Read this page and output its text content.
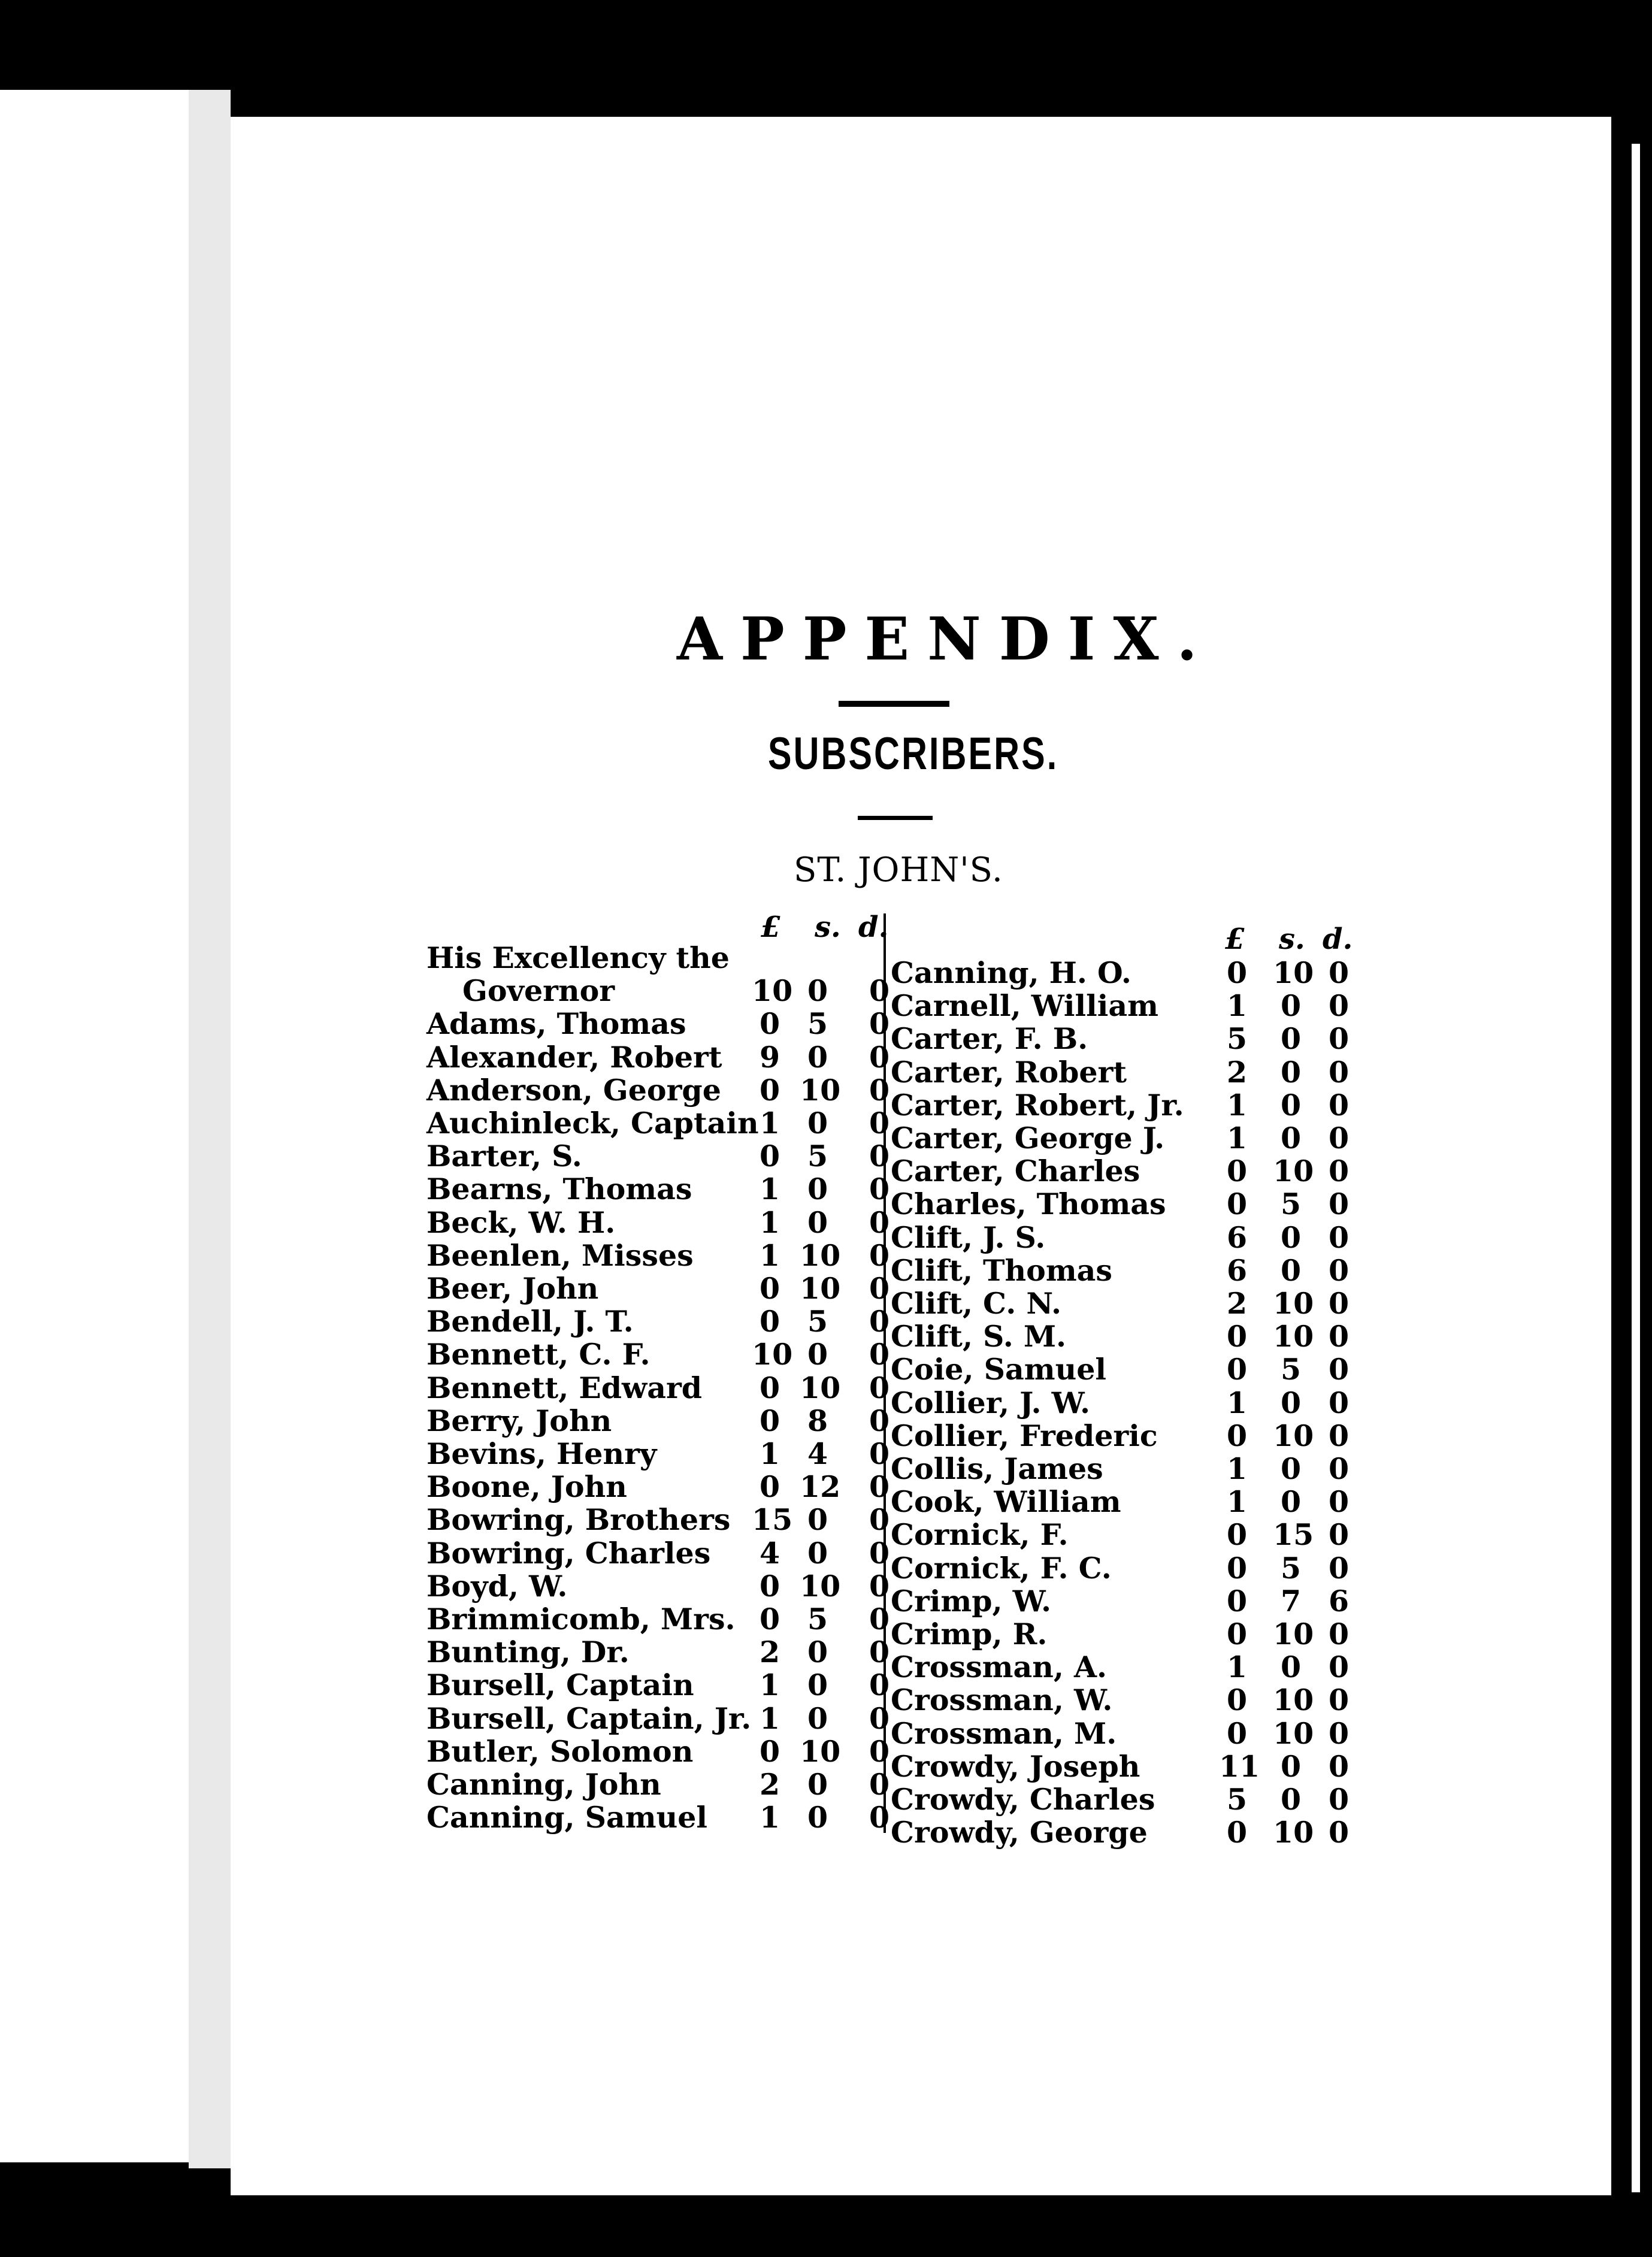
APPENDIX.
SUBSCRIBERS.
ST. JOHN'S.
£ s. d.	£ s. d.
His Excellency the
Governor	10 0 0
Adams, Thomas 0 5 0
Alexander, Robert 9 0 0
Anderson, George 0 10 0
Auchinleck, Captain 1 0 0
Barter, S.	0 5 0
Bearns, Thomas 1 0 0
Beck, W. H.	1 0 0
Beenlen, Misses 1 10 0
Beer, John	0 10 0
Bendell, J. T.	0 5 0
Bennett, C. F.	10 0 0
Bennett, Edward 0 10 0
Berry, John	0 8 0
Bevins, Henry	1 4 0
Boone, John	0 12 0
Bowring, Brothers 15 0 0
Bowring, Charles 4 0 0
Boyd, W.	0 10 0
Brimmicomb, Mrs. 0 5 0
Bunting, Dr.	2 0 0
Bursell, Captain 1 0 0
Bursell, Captain, Jr. 1 0 0
Butler, Solomon 0 10 0
Canning, John	2 0 0
Canning, Samuel 1 0 0
Canning, H. O.	0 10 0
Carnell, William 1 0 0
Carter, F. B.	5 0 0
Carter, Robert	2 0 0
Carter, Robert, Jr. 1 0 0
Carter, George J. 1 0 0
Carter, Charles	0 10 0
Charles, Thomas 0 5 0
Clift, J. S.	6 0 0
Clift, Thomas	6 0 0
Clift, C. N.	2 10 0
Clift, S. M.	0 10 0
Coie, Samuel	0 5 0
Collier, J. W.	1 0 0
Collier, Frederic 0 10 0
Collis, James	1 0 0
Cook, William	1 0 0
Cornick, F.	0 15 0
Cornick, F. C.	0 5 0
Crimp, W.	0 7 6
Crimp, R.	0 10 0
Crossman, A.	1 0 0
Crossman, W.	0 10 0
Crossman, M.	0 10 0
Crowdy, Joseph	11 0 0
Crowdy, Charles 5 0 0
Crowdy, George	0 10 0
